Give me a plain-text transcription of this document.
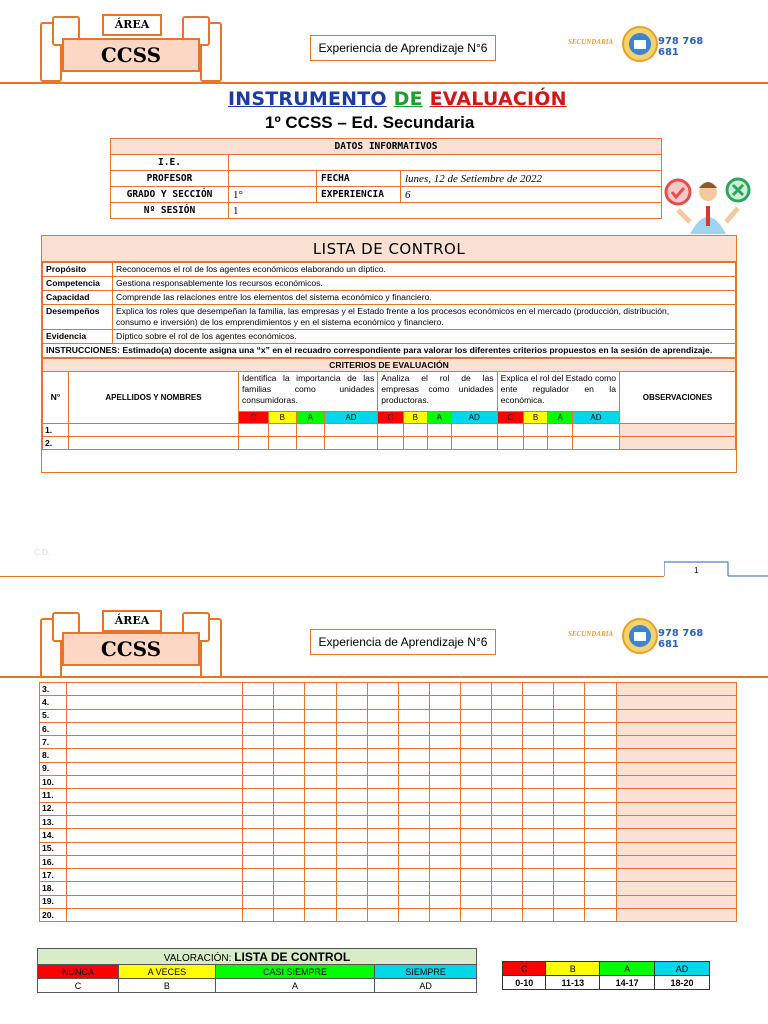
ÁREA
CCSS	Experiencia de Aprendizaje N°6	SECUNDARIA	978 768 681
INSTRUMENTO DE EVALUACIÓN
1º CCSS – Ed. Secundaria
DATOS INFORMATIVOS			
I.E.			
PROFESOR		FECHA	lunes, 12 de Setiembre de 2022
GRADO Y SECCIÓN	1°	EXPERIENCIA	6
Nº SESIÓN	1		
LISTA DE CONTROL
Propósito	Reconocemos el rol de los agentes económicos elaborando un díptico.
Competencia	Gestiona responsablemente los recursos económicos.
Capacidad	Comprende las relaciones entre los elementos del sistema económico y financiero.
Desempeños	Explica los roles que desempeñan la familia, las empresas y el Estado frente a los procesos económicos en el mercado (producción, distribución,
consumo e inversión) de los emprendimientos y en el sistema económico y financiero.

Evidencia	Díptico sobre el rol de los agentes económicos.
INSTRUCCIONES: Estimado(a) docente asigna una “x” en el recuadro correspondiente para valorar los diferentes criterios propuestos en la sesión de aprendizaje.	
CRITERIOS DE EVALUACIÓN														
N°	APELLIDOS Y NOMBRES	Identifica la importancia de las familias como unidades consumidoras.				Analiza el rol de las empresas como unidades productoras.				Explica el rol del Estado como ente regulador en la económica.				OBSERVACIONES
		C	B	A	AD	C	B	A	AD	C	B	A	AD	
1.														
2.														
C.D.
1
ÁREA
CCSS	Experiencia de Aprendizaje N°6
SECUNDARIA	978 768 681
3.														
4.														
5.														
6.														
7.														
8.														
9.														
10.														
11.														
12.														
13.														
14.														
15.														
16.														
17.														
18.														
19.														
20.														
VALORACIÓN: LISTA DE CONTROL			
NUNCA	A VECES	CASI SIEMPRE	SIEMPRE
C	B	A	AD
C	B	A	AD
0-10	11-13	14-17	18-20
